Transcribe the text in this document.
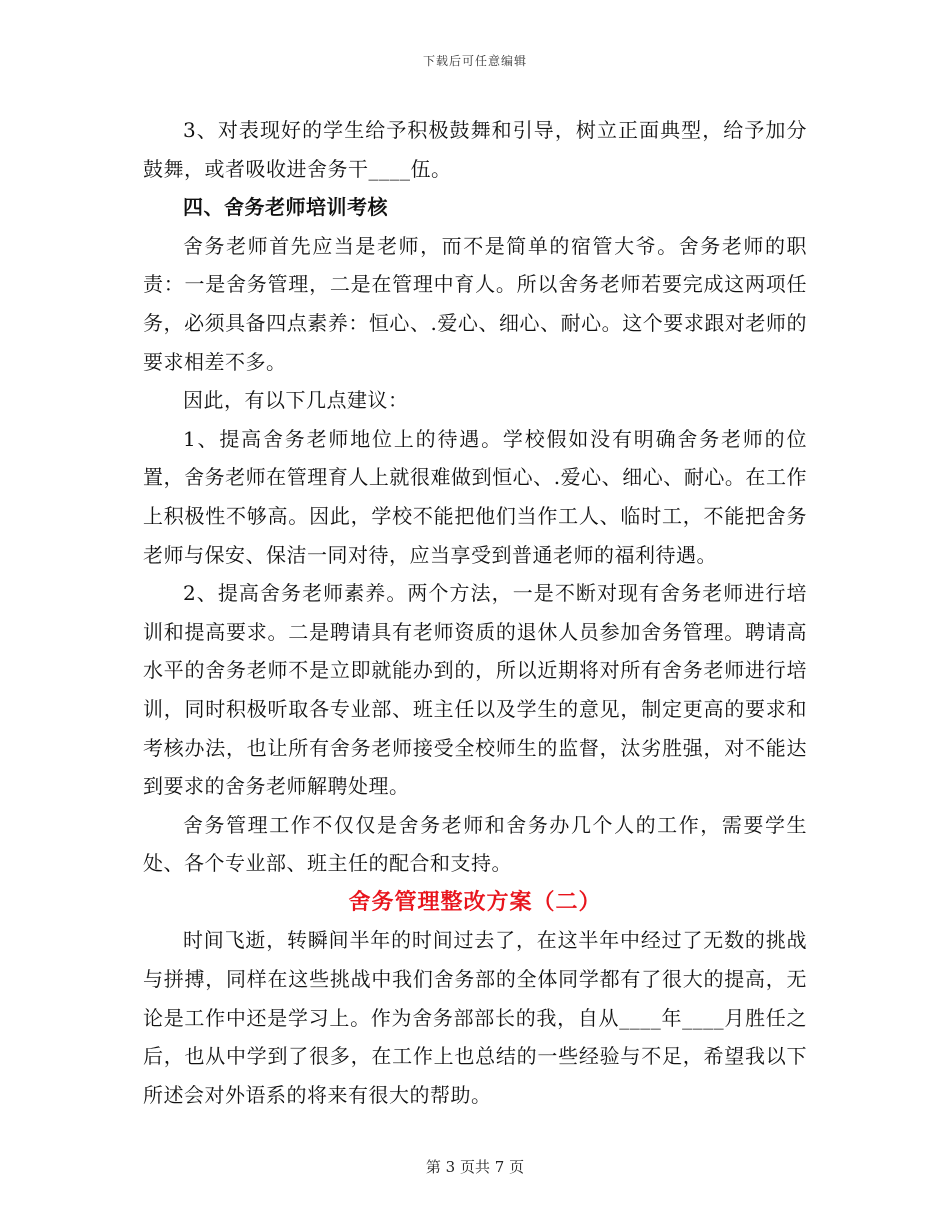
下载后可任意编辑

3、对表现好的学生给予积极鼓舞和引导，树立正面典型，给予加分鼓舞，或者吸收进舍务干____伍。

四、舍务老师培训考核

舍务老师首先应当是老师，而不是简单的宿管大爷。舍务老师的职责：一是舍务管理，二是在管理中育人。所以舍务老师若要完成这两项任务，必须具备四点素养：恒心、.爱心、细心、耐心。这个要求跟对老师的要求相差不多。

因此，有以下几点建议：

1、提高舍务老师地位上的待遇。学校假如没有明确舍务老师的位置，舍务老师在管理育人上就很难做到恒心、.爱心、细心、耐心。在工作上积极性不够高。因此，学校不能把他们当作工人、临时工，不能把舍务老师与保安、保洁一同对待，应当享受到普通老师的福利待遇。

2、提高舍务老师素养。两个方法，一是不断对现有舍务老师进行培训和提高要求。二是聘请具有老师资质的退休人员参加舍务管理。聘请高水平的舍务老师不是立即就能办到的，所以近期将对所有舍务老师进行培训，同时积极听取各专业部、班主任以及学生的意见，制定更高的要求和考核办法，也让所有舍务老师接受全校师生的监督，汰劣胜强，对不能达到要求的舍务老师解聘处理。

舍务管理工作不仅仅是舍务老师和舍务办几个人的工作，需要学生处、各个专业部、班主任的配合和支持。

舍务管理整改方案（二）

时间飞逝，转瞬间半年的时间过去了，在这半年中经过了无数的挑战与拼搏，同样在这些挑战中我们舍务部的全体同学都有了很大的提高，无论是工作中还是学习上。作为舍务部部长的我，自从____年____月胜任之后，也从中学到了很多，在工作上也总结的一些经验与不足，希望我以下所述会对外语系的将来有很大的帮助。

第 3 页共 7 页
